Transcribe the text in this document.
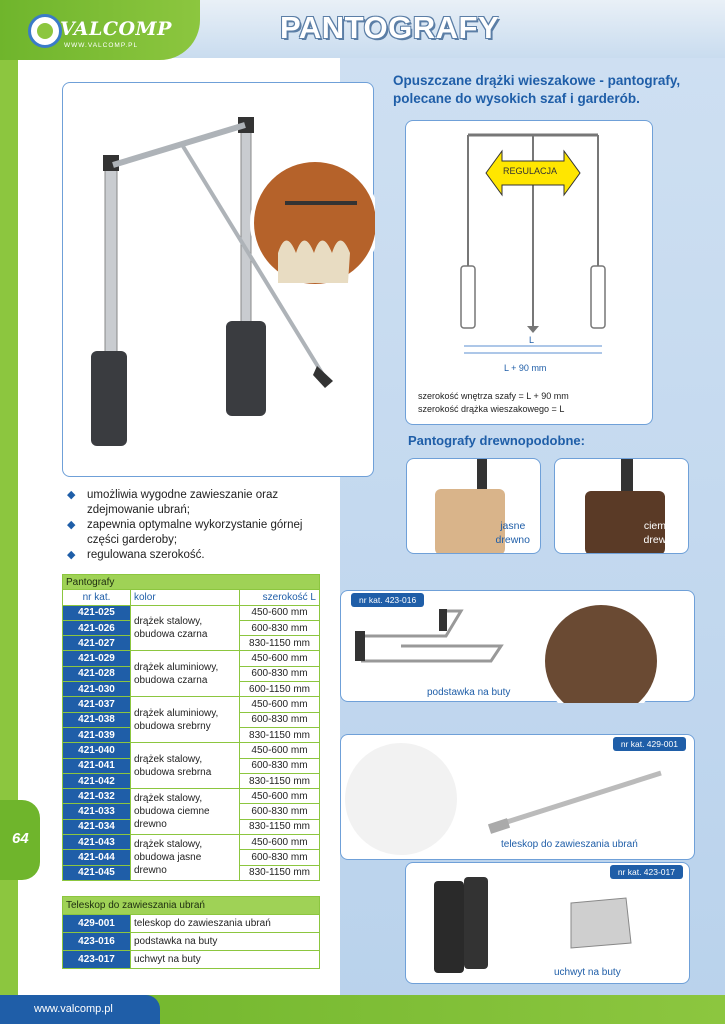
VALCOMP
WWW.VALCOMP.PL
PANTOGRAFY
Opuszczane drążki wieszakowe - pantografy, polecane do wysokich szaf i garderób.
REGULACJA
L
L + 90 mm
szerokość wnętrza szafy = L + 90 mm
szerokość drążka wieszakowego = L
Pantografy drewnopodobne:
jasne
drewno
ciemne
drewno
◆ umożliwia wygodne zawieszanie oraz zdejmowanie ubrań;
◆ zapewnia optymalne wykorzystanie górnej części garderoby;
◆ regulowana szerokość.
Pantografy		
nr kat.	kolor	szerokość L
421-025	drążek stalowy, obudowa czarna	450-600 mm
421-026		600-830 mm
421-027		830-1150 mm
421-029	drążek aluminiowy, obudowa czarna	450-600 mm
421-028		600-830 mm
421-030		600-1150 mm
421-037	drążek aluminiowy, obudowa srebrny	450-600 mm
421-038		600-830 mm
421-039		830-1150 mm
421-040	drążek stalowy, obudowa srebrna	450-600 mm
421-041		600-830 mm
421-042		830-1150 mm
421-032	drążek stalowy, obudowa ciemne drewno	450-600 mm
421-033		600-830 mm
421-034		830-1150 mm
421-043	drążek stalowy, obudowa jasne drewno	450-600 mm
421-044		600-830 mm
421-045		830-1150 mm
Teleskop do zawieszania ubrań	
429-001	teleskop do zawieszania ubrań
423-016	podstawka na buty
423-017	uchwyt na buty
nr kat. 423-016
podstawka na buty
nr kat. 429-001
teleskop do zawieszania ubrań
nr kat. 423-017
uchwyt na buty
64
www.valcomp.pl
